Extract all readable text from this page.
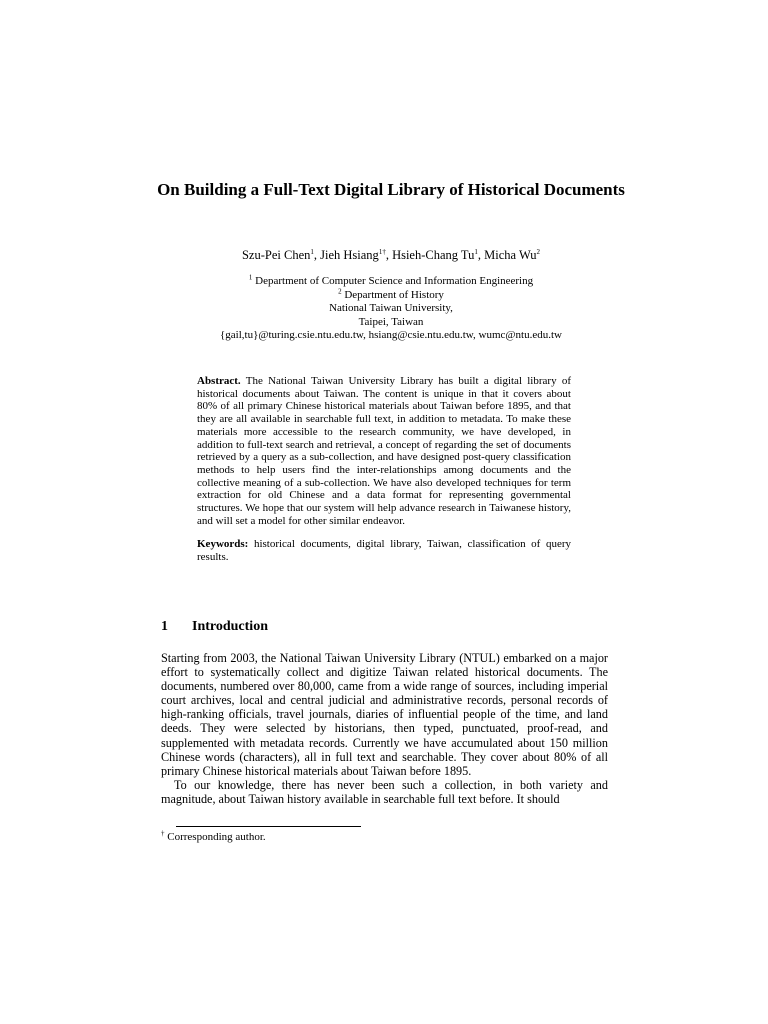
On Building a Full-Text Digital Library of Historical Documents
Szu-Pei Chen$^1$, Jieh Hsiang$^{1\dagger}$, Hsieh-Chang Tu$^1$, Micha Wu$^2$
$^1$ Department of Computer Science and Information Engineering
$^2$ Department of History
National Taiwan University,
Taipei, Taiwan
{gail,tu}@turing.csie.ntu.edu.tw, hsiang@csie.ntu.edu.tw, wumc@ntu.edu.tw

Abstract. The National Taiwan University Library has built a digital library of historical documents about Taiwan. The content is unique in that it covers about 80% of all primary Chinese historical materials about Taiwan before 1895, and that they are all available in searchable full text, in addition to metadata. To make these materials more accessible to the research community, we have developed, in addition to full-text search and retrieval, a concept of regarding the set of documents retrieved by a query as a sub-collection, and have designed post-query classification methods to help users find the inter-relationships among documents and the collective meaning of a sub-collection. We have also developed techniques for term extraction for old Chinese and a data format for representing governmental structures. We hope that our system will help advance research in Taiwanese history, and will set a model for other similar endeavor.

Keywords: historical documents, digital library, Taiwan, classification of query results.

1 Introduction

Starting from 2003, the National Taiwan University Library (NTUL) embarked on a major effort to systematically collect and digitize Taiwan related historical documents. The documents, numbered over 80,000, came from a wide range of sources, including imperial court archives, local and central judicial and administrative records, personal records of high-ranking officials, travel journals, diaries of influential people of the time, and land deeds. They were selected by historians, then typed, punctuated, proof-read, and supplemented with metadata records. Currently we have accumulated about 150 million Chinese words (characters), all in full text and searchable. They cover about 80% of all primary Chinese historical materials about Taiwan before 1895.

To our knowledge, there has never been such a collection, in both variety and magnitude, about Taiwan history available in searchable full text before. It should

† Corresponding author.
